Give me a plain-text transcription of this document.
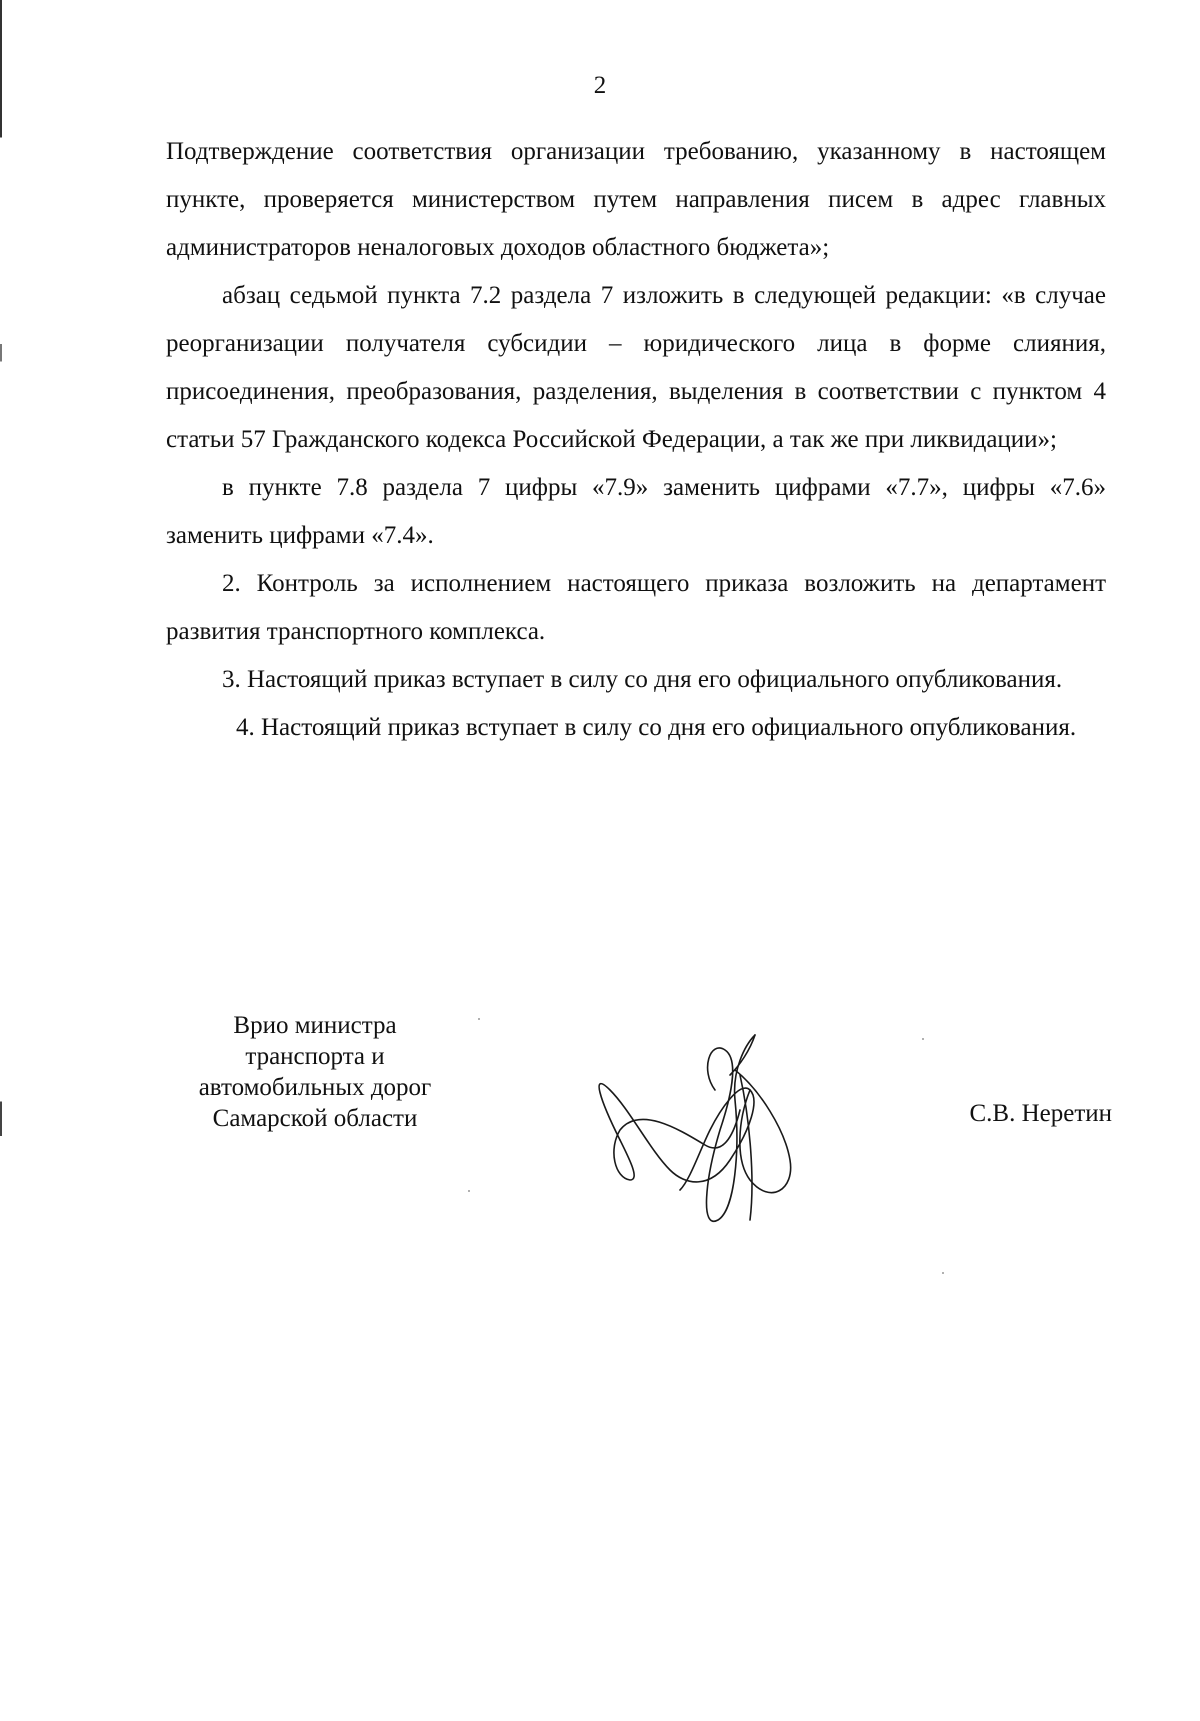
2

Подтверждение соответствия организации требованию, указанному в настоящем пункте, проверяется министерством путем направления писем в адрес главных администраторов неналоговых доходов областного бюджета»;

абзац седьмой пункта 7.2 раздела 7 изложить в следующей редакции: «в случае реорганизации получателя субсидии – юридического лица в форме слияния, присоединения, преобразования, разделения, выделения в соответствии с пунктом 4 статьи 57 Гражданского кодекса Российской Федерации, а так же при ликвидации»;

в пункте 7.8 раздела 7 цифры «7.9» заменить цифрами «7.7», цифры «7.6» заменить цифрами «7.4».

2. Контроль за исполнением настоящего приказа возложить на департамент развития транспортного комплекса.

3. Настоящий приказ вступает в силу со дня его официального опубликования.

4. Настоящий приказ вступает в силу со дня его официального опубликования.

Врио министра
транспорта и
автомобильных дорог
Самарской области	С.В. Неретин
